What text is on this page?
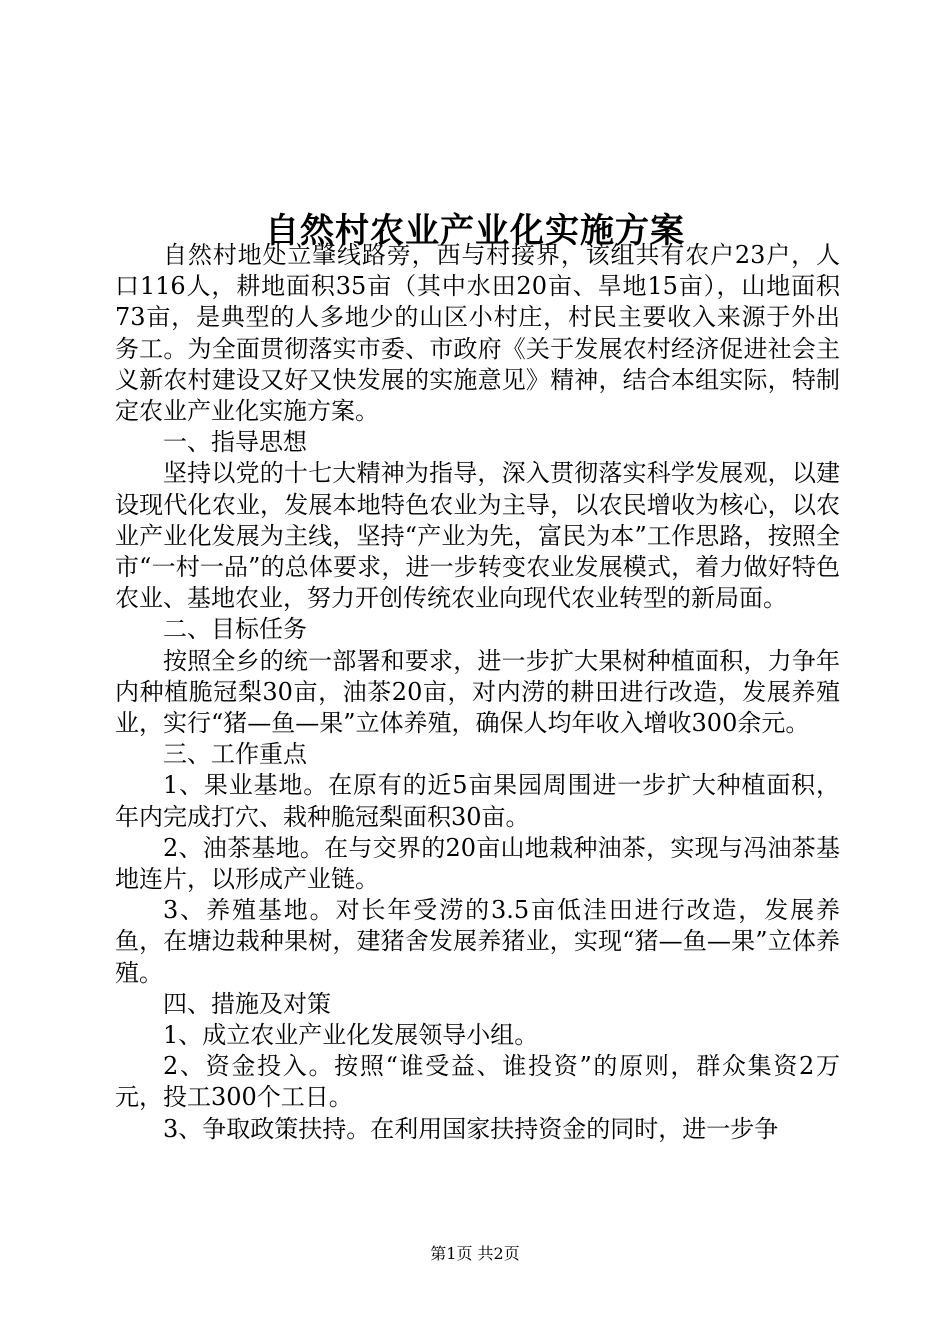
自然村农业产业化实施方案

自然村地处立肇线路旁，西与村接界，该组共有农户23户，人口116人，耕地面积35亩（其中水田20亩、旱地15亩），山地面积73亩，是典型的人多地少的山区小村庄，村民主要收入来源于外出务工。为全面贯彻落实市委、市政府《关于发展农村经济促进社会主义新农村建设又好又快发展的实施意见》精神，结合本组实际，特制定农业产业化实施方案。

一、指导思想

坚持以党的十七大精神为指导，深入贯彻落实科学发展观，以建设现代化农业，发展本地特色农业为主导，以农民增收为核心，以农业产业化发展为主线，坚持“产业为先，富民为本”工作思路，按照全市“一村一品”的总体要求，进一步转变农业发展模式，着力做好特色农业、基地农业，努力开创传统农业向现代农业转型的新局面。

二、目标任务

按照全乡的统一部署和要求，进一步扩大果树种植面积，力争年内种植脆冠梨30亩，油茶20亩，对内涝的耕田进行改造，发展养殖业，实行“猪—鱼—果”立体养殖，确保人均年收入增收300余元。

三、工作重点

1、果业基地。在原有的近5亩果园周围进一步扩大种植面积，年内完成打穴、栽种脆冠梨面积30亩。

2、油茶基地。在与交界的20亩山地栽种油茶，实现与冯油茶基地连片，以形成产业链。

3、养殖基地。对长年受涝的3.5亩低洼田进行改造，发展养鱼，在塘边栽种果树，建猪舍发展养猪业，实现“猪—鱼—果”立体养殖。

四、措施及对策

1、成立农业产业化发展领导小组。

2、资金投入。按照“谁受益、谁投资”的原则，群众集资2万元，投工300个工日。

3、争取政策扶持。在利用国家扶持资金的同时，进一步争

第1页 共2页
